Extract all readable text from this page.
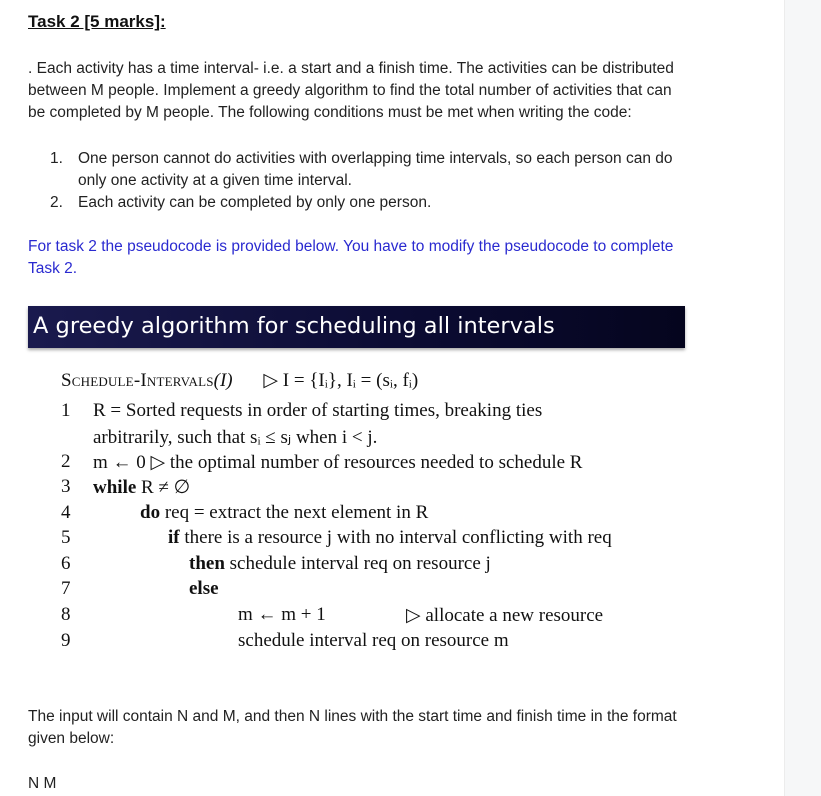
Task 2 [5 marks]:
. Each activity has a time interval- i.e. a start and a finish time. The activities can be distributed between M people. Implement a greedy algorithm to find the total number of activities that can be completed by M people. The following conditions must be met when writing the code:
1. One person cannot do activities with overlapping time intervals, so each person can do only one activity at a given time interval.
2. Each activity can be completed by only one person.
For task 2 the pseudocode is provided below. You have to modify the pseudocode to complete Task 2.
A greedy algorithm for scheduling all intervals
Schedule-Intervals(I) ▷ I = {Iᵢ}, Iᵢ = (sᵢ, fᵢ)
1 R = Sorted requests in order of starting times, breaking ties
arbitrarily, such that sᵢ ≤ sⱼ when i < j.
2 m ← 0 ▷ the optimal number of resources needed to schedule R
3 while R ≠ ∅
4	do req = extract the next element in R
5	if there is a resource j with no interval conflicting with req
6	then schedule interval req on resource j
7	else
8	m ← m + 1	▷ allocate a new resource
9	schedule interval req on resource m
The input will contain N and M, and then N lines with the start time and finish time in the format given below:
N M
